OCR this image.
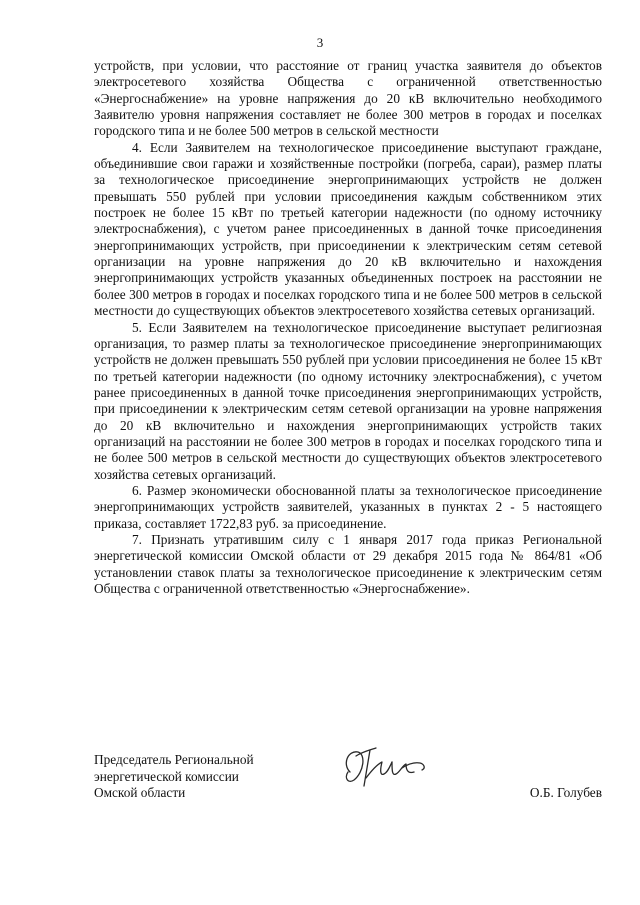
3

устройств, при условии, что расстояние от границ участка заявителя до объектов электросетевого хозяйства Общества с ограниченной ответственностью «Энергоснабжение» на уровне напряжения до 20 кВ включительно необходимого Заявителю уровня напряжения составляет не более 300 метров в городах и поселках городского типа и не более 500 метров в сельской местности

4. Если Заявителем на технологическое присоединение выступают граждане, объединившие свои гаражи и хозяйственные постройки (погреба, сараи), размер платы за технологическое присоединение энергопринимающих устройств не должен превышать 550 рублей при условии присоединения каждым собственником этих построек не более 15 кВт по третьей категории надежности (по одному источнику электроснабжения), с учетом ранее присоединенных в данной точке присоединения энергопринимающих устройств, при присоединении к электрическим сетям сетевой организации на уровне напряжения до 20 кВ включительно и нахождения энергопринимающих устройств указанных объединенных построек на расстоянии не более 300 метров в городах и поселках городского типа и не более 500 метров в сельской местности до существующих объектов электросетевого хозяйства сетевых организаций.

5. Если Заявителем на технологическое присоединение выступает религиозная организация, то размер платы за технологическое присоединение энергопринимающих устройств не должен превышать 550 рублей при условии присоединения не более 15 кВт по третьей категории надежности (по одному источнику электроснабжения), с учетом ранее присоединенных в данной точке присоединения энергопринимающих устройств, при присоединении к электрическим сетям сетевой организации на уровне напряжения до 20 кВ включительно и нахождения энергопринимающих устройств таких организаций на расстоянии не более 300 метров в городах и поселках городского типа и не более 500 метров в сельской местности до существующих объектов электросетевого хозяйства сетевых организаций.

6. Размер экономически обоснованной платы за технологическое присоединение энергопринимающих устройств заявителей, указанных в пунктах 2 - 5 настоящего приказа, составляет 1722,83 руб. за присоединение.

7. Признать утратившим силу с 1 января 2017 года приказ Региональной энергетической комиссии Омской области от 29 декабря 2015 года № 864/81 «Об установлении ставок платы за технологическое присоединение к электрическим сетям Общества с ограниченной ответственностью «Энергоснабжение».

Председатель Региональной
энергетической комиссии
Омской области	О.Б. Голубев
